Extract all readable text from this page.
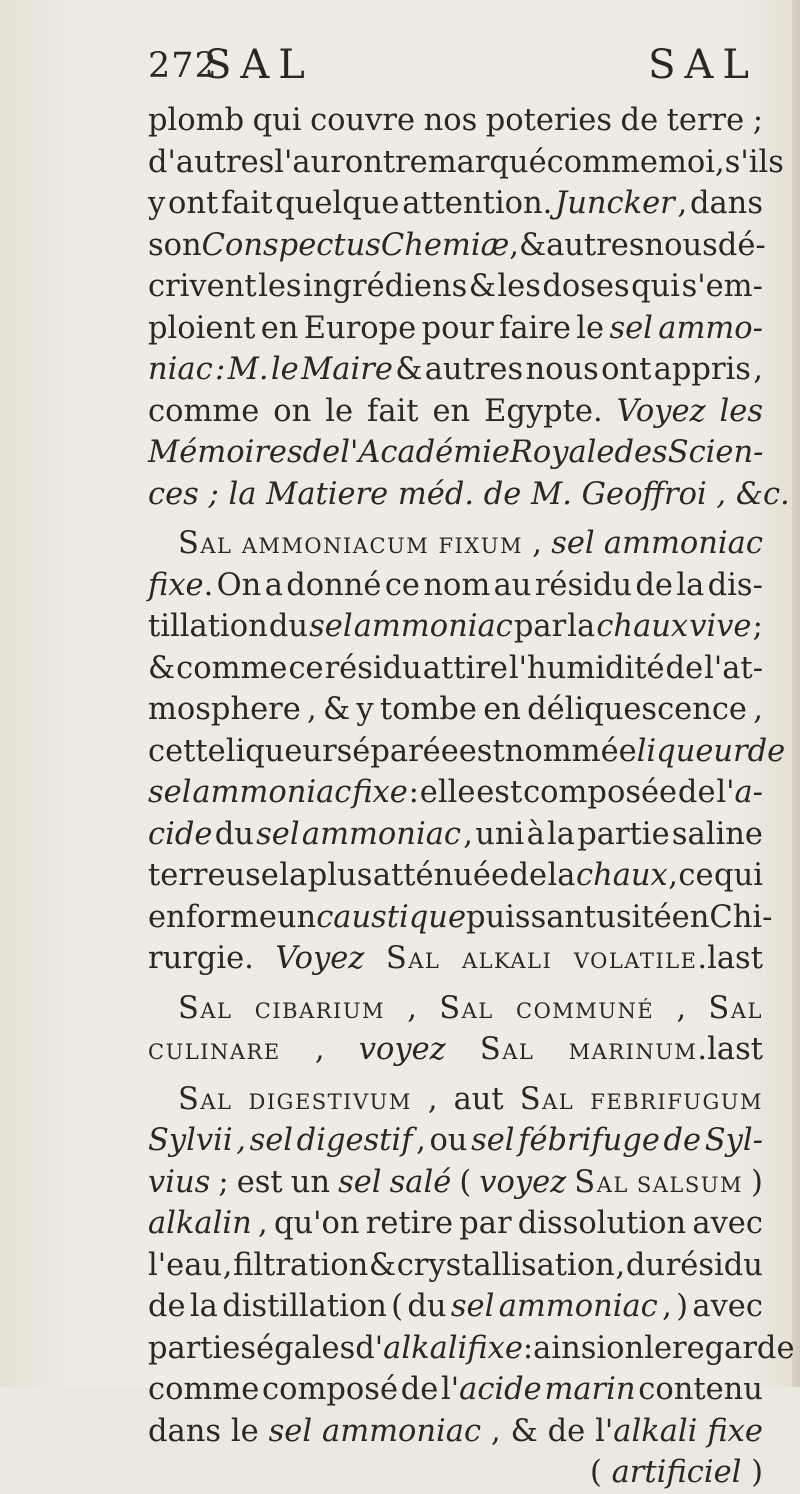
272
SAL	SAL
plomb qui couvre nos poteries de terre ;
d'autres l'auront remarqué comme moi , s'ils
y ont fait quelque attention. Juncker , dans
son Conspectus Chemiæ , & autres nous dé-
crivent les ingrédiens & les doses qui s'em-
ploient en Europe pour faire le sel ammo-
niac : M. le Maire & autres nous ont appris ,
comme on le fait en Egypte. Voyez les
Mémoires de l'Académie Royale des Scien-
ces ; la Matiere méd. de M. Geoffroi , &c.
Sal ammoniacum fixum , sel ammoniac
fixe. On a donné ce nom au résidu de la dis-
tillation du sel ammoniac par la chaux vive ;
& comme ce résidu attire l'humidité de l'at-
mosphere , & y tombe en déliquescence ,
cette liqueur séparée est nommée liqueur de
sel ammoniac fixe : elle est composée de l'a-
cide du sel ammoniac , uni à la partie saline
terreuse la plus atténuée de la chaux , ce qui
en forme un caustique puissant usité en Chi-
rurgie. Voyez Sal alkali volatile.last
Sal cibarium , Sal communé , Sal
culinare , voyez Sal marinum.last
Sal digestivum , aut Sal febrifugum
Sylvii , sel digestif , ou sel fébrifuge de Syl-
vius ; est un sel salé ( voyez Sal salsum )
alkalin , qu'on retire par dissolution avec
l'eau , filtration & crystallisation , du résidu
de la distillation ( du sel ammoniac , ) avec
parties égales d'alkali fixe : ainsi on le regarde
comme composé de l'acide marin contenu
dans le sel ammoniac , & de l'alkali fixe
( artificiel )
